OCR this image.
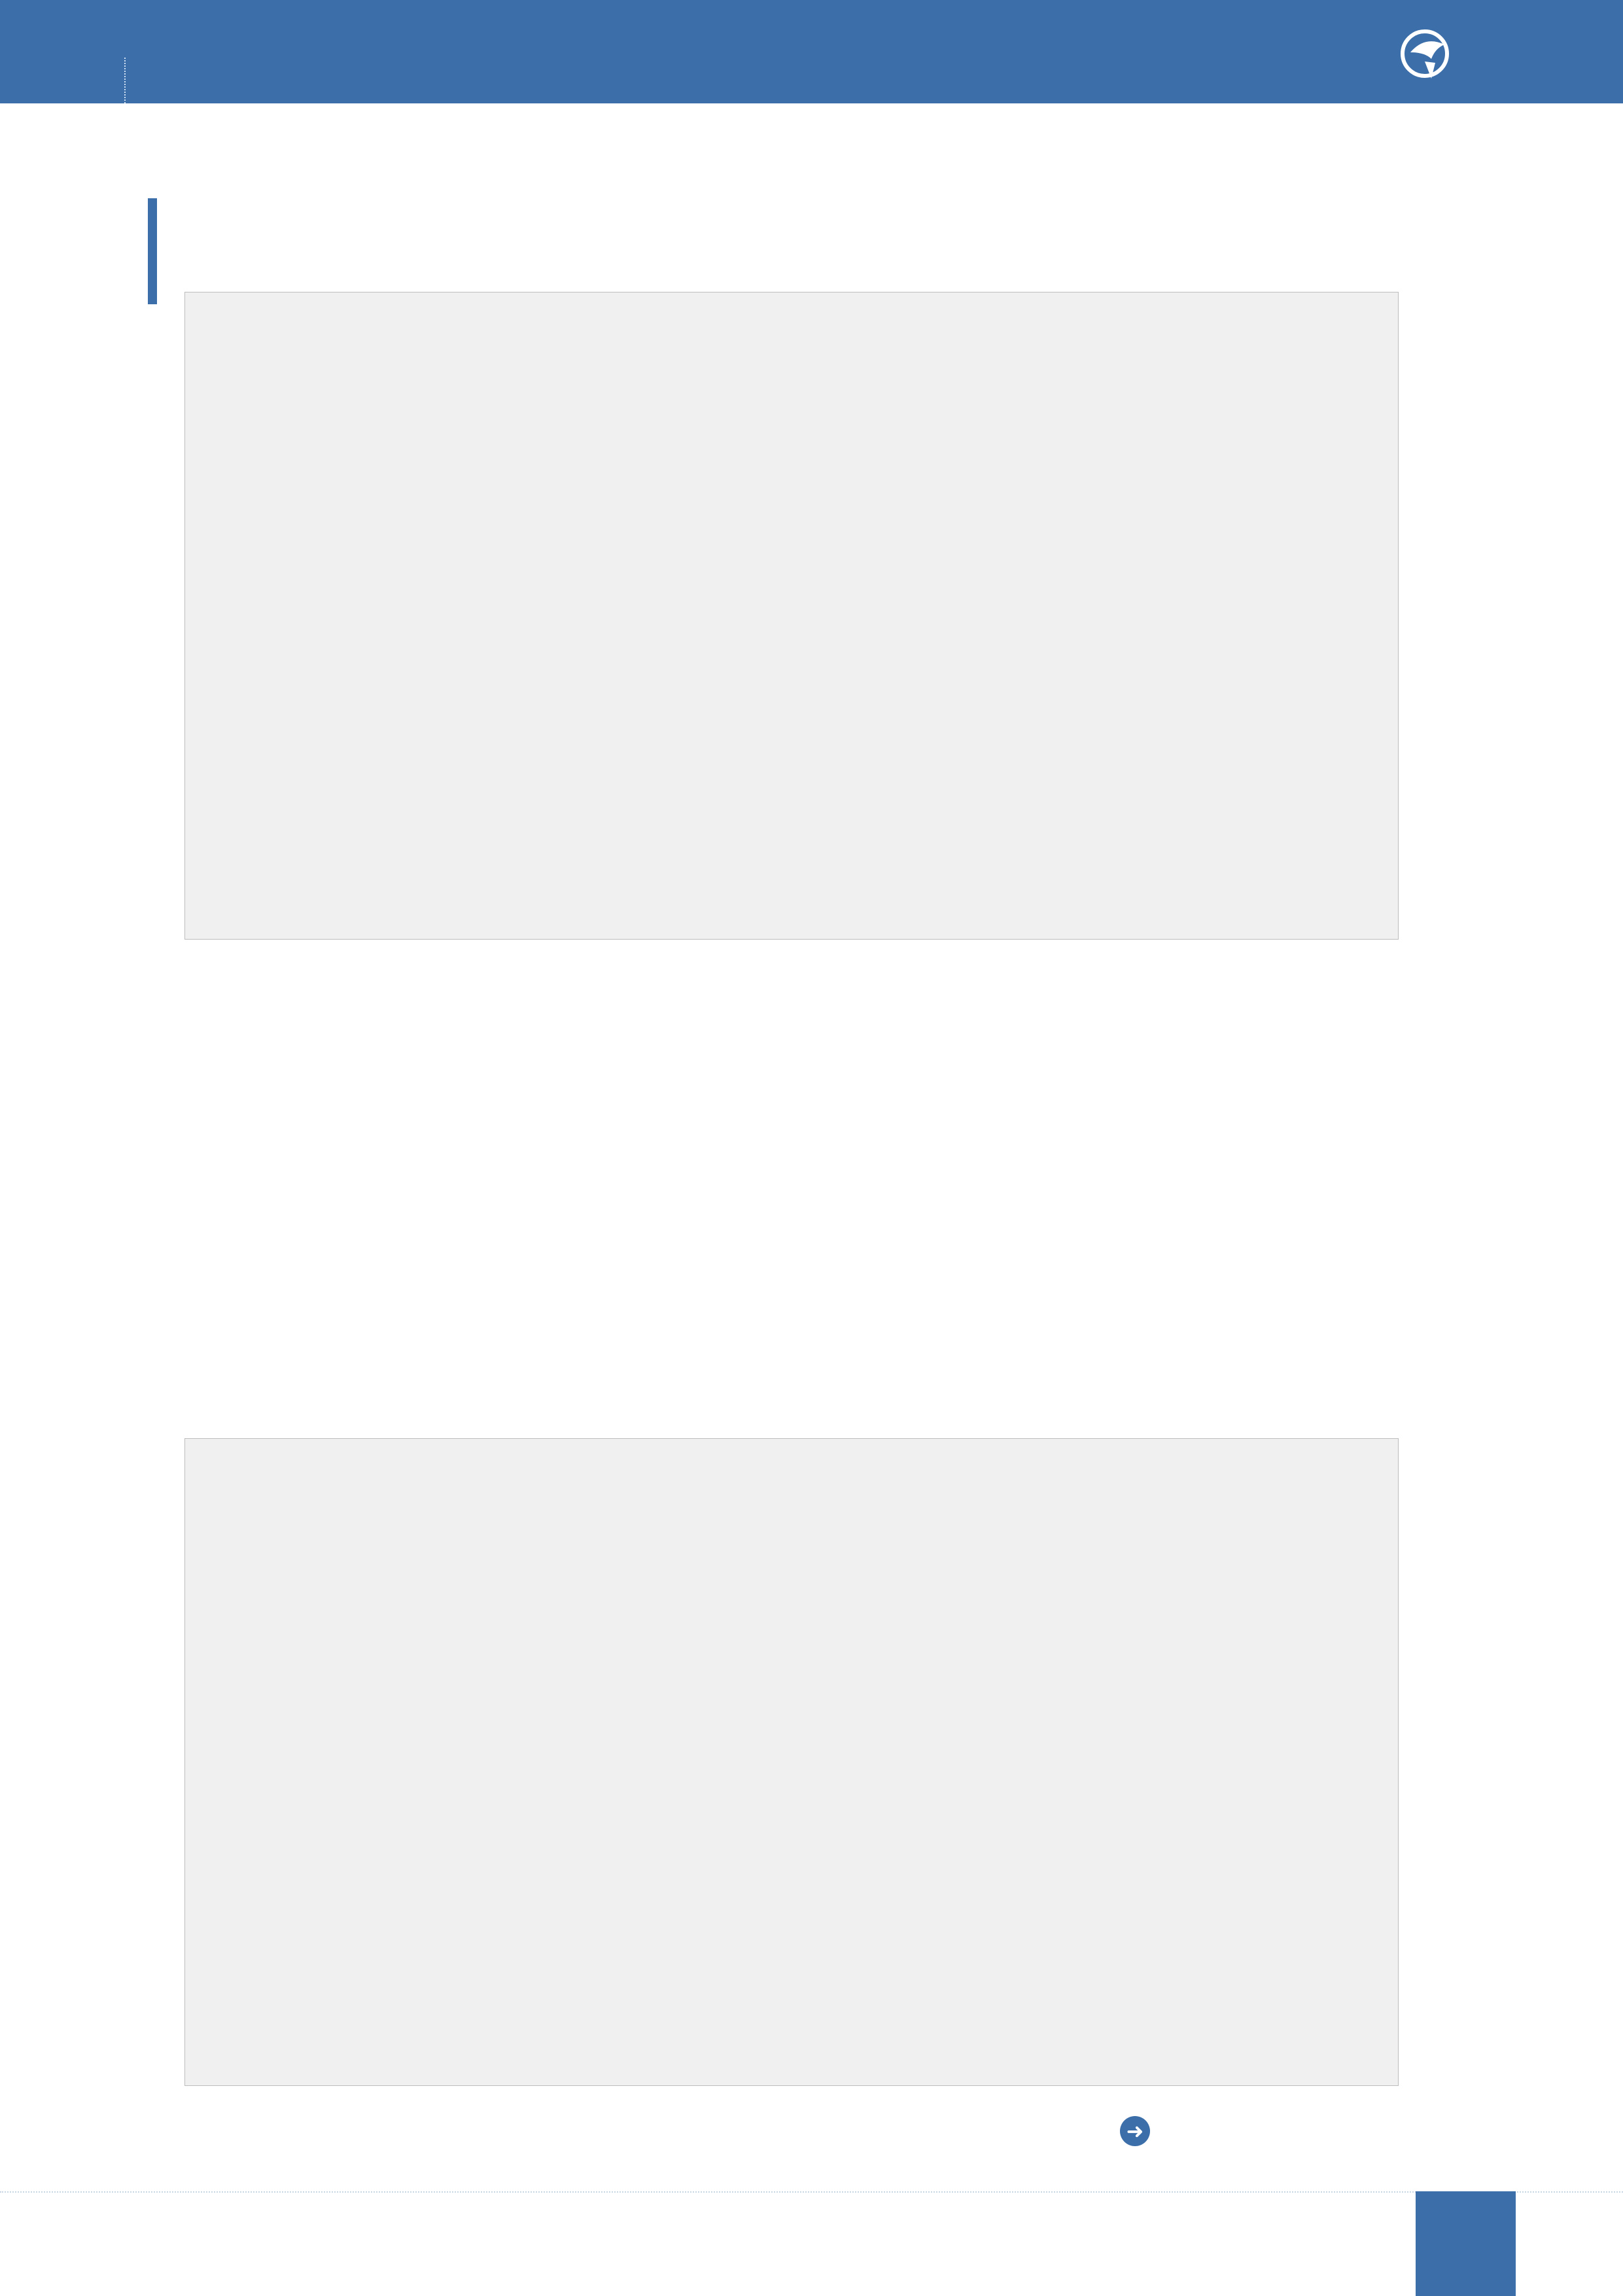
➜
